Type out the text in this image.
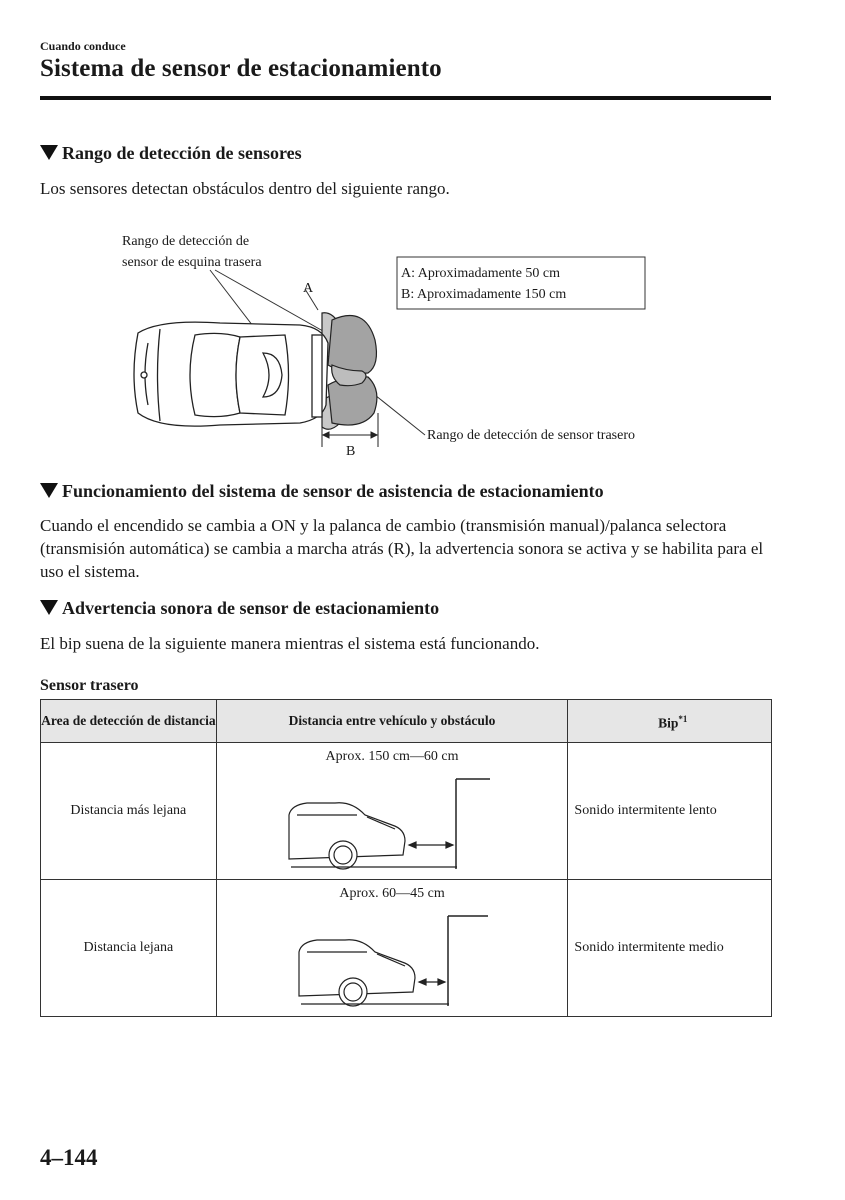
Cuando conduce
Sistema de sensor de estacionamiento
Rango de detección de sensores
Los sensores detectan obstáculos dentro del siguiente rango.
Rango de detección de
sensor de esquina trasera
A: Aproximadamente 50 cm
B: Aproximadamente 150 cm
A
B
Rango de detección de sensor trasero
Funcionamiento del sistema de sensor de asistencia de estacionamiento
Cuando el encendido se cambia a ON y la palanca de cambio (transmisión manual)/palanca selectora (transmisión automática) se cambia a marcha atrás (R), la advertencia sonora se activa y se habilita para el uso el sistema.
Advertencia sonora de sensor de estacionamiento
El bip suena de la siguiente manera mientras el sistema está funcionando.
Sensor trasero
Area de detección de distancia	Distancia entre vehículo y obstáculo	Bip$^{*1}$
Distancia más lejana	Aprox. 150 cm—60 cm	Sonido intermitente lento
Distancia lejana	Aprox. 60—45 cm	Sonido intermitente medio
4–144
